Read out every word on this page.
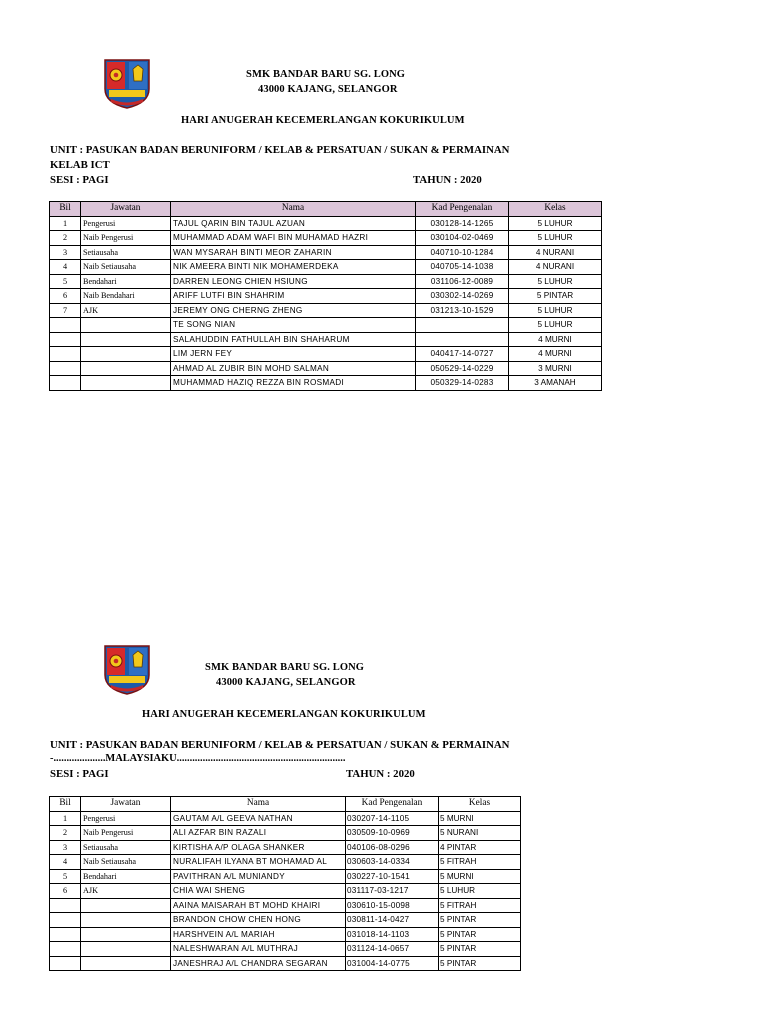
SMK BANDAR BARU SG. LONG
43000 KAJANG, SELANGOR
HARI ANUGERAH KECEMERLANGAN KOKURIKULUM
UNIT : PASUKAN BADAN BERUNIFORM / KELAB & PERSATUAN / SUKAN & PERMAINAN
KELAB ICT
SESI : PAGI	TAHUN : 2020
Bil	Jawatan	Nama	Kad Pengenalan	Kelas
1	Pengerusi	TAJUL QARIN BIN TAJUL AZUAN	030128-14-1265	5 LUHUR
2	Naib Pengerusi	MUHAMMAD ADAM WAFI BIN MUHAMAD HAZRI	030104-02-0469	5 LUHUR
3	Setiausaha	WAN MYSARAH BINTI MEOR ZAHARIN	040710-10-1284	4 NURANI
4	Naib Setiausaha	NIK AMEERA BINTI NIK MOHAMERDEKA	040705-14-1038	4 NURANI
5	Bendahari	DARREN LEONG CHIEN HSIUNG	031106-12-0089	5 LUHUR
6	Naib Bendahari	ARIFF LUTFI BIN SHAHRIM	030302-14-0269	5 PINTAR
7	AJK	JEREMY ONG CHERNG ZHENG	031213-10-1529	5 LUHUR
		TE SONG NIAN		5 LUHUR
		SALAHUDDIN FATHULLAH BIN SHAHARUM		4 MURNI
		LIM JERN FEY	040417-14-0727	4 MURNI
		AHMAD AL ZUBIR BIN MOHD SALMAN	050529-14-0229	3 MURNI
		MUHAMMAD HAZIQ REZZA BIN ROSMADI	050329-14-0283	3 AMANAH
SMK BANDAR BARU SG. LONG
43000 KAJANG, SELANGOR
HARI ANUGERAH KECEMERLANGAN KOKURIKULUM
UNIT : PASUKAN BADAN BERUNIFORM / KELAB & PERSATUAN / SUKAN & PERMAINAN
-....................MALAYSIAKU.................................................................
SESI : PAGI	TAHUN : 2020
Bil	Jawatan	Nama	Kad Pengenalan	Kelas
1	Pengerusi	GAUTAM A/L GEEVA NATHAN	030207-14-1105	5 MURNI
2	Naib Pengerusi	ALI AZFAR BIN RAZALI	030509-10-0969	5 NURANI
3	Setiausaha	KIRTISHA A/P OLAGA SHANKER	040106-08-0296	4 PINTAR
4	Naib Setiausaha	NURALIFAH ILYANA BT MOHAMAD AL	030603-14-0334	5 FITRAH
5	Bendahari	PAVITHRAN A/L MUNIANDY	030227-10-1541	5 MURNI
6	AJK	CHIA WAI SHENG	031117-03-1217	5 LUHUR
		AAINA MAISARAH BT MOHD KHAIRI	030610-15-0098	5 FITRAH
		BRANDON CHOW CHEN HONG	030811-14-0427	5 PINTAR
		HARSHVEIN A/L MARIAH	031018-14-1103	5 PINTAR
		NALESHWARAN A/L MUTHRAJ	031124-14-0657	5 PINTAR
		JANESHRAJ A/L CHANDRA SEGARAN	031004-14-0775	5 PINTAR
